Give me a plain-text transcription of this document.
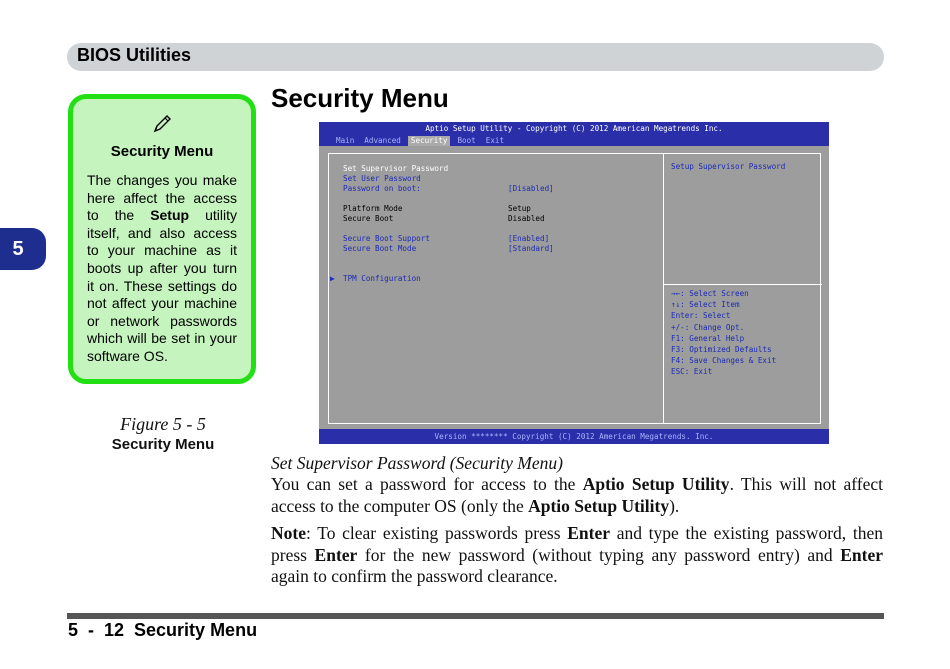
BIOS Utilities
5
Security Menu
The changes you make here affect the access to the Setup utility itself, and also access to your machine as it boots up after you turn it on. These settings do not affect your machine or network passwords which will be set in your software OS.
Figure 5 - 5
Security Menu
Security Menu
Aptio Setup Utility - Copyright (C) 2012 American Megatrends Inc.
Main	Advanced	Security	Boot	Exit
Set Supervisor Password
Set User Password
Password on boot:	[Disabled]
Platform Mode	Setup
Secure Boot	Disabled
Secure Boot Support	[Enabled]
Secure Boot Mode	[Standard]
▶ TPM Configuration
Setup Supervisor Password
→←: Select Screen
↑↓: Select Item
Enter: Select
+/-: Change Opt.
F1: General Help
F3: Optimized Defaults
F4: Save Changes & Exit
ESC: Exit
Version ******** Copyright (C) 2012 American Megatrends. Inc.
Set Supervisor Password (Security Menu)
You can set a password for access to the Aptio Setup Utility. This will not affect access to the computer OS (only the Aptio Setup Utility).
Note: To clear existing passwords press Enter and type the existing password, then press Enter for the new password (without typing any password entry) and Enter again to confirm the password clearance.
5  -  12  Security Menu
